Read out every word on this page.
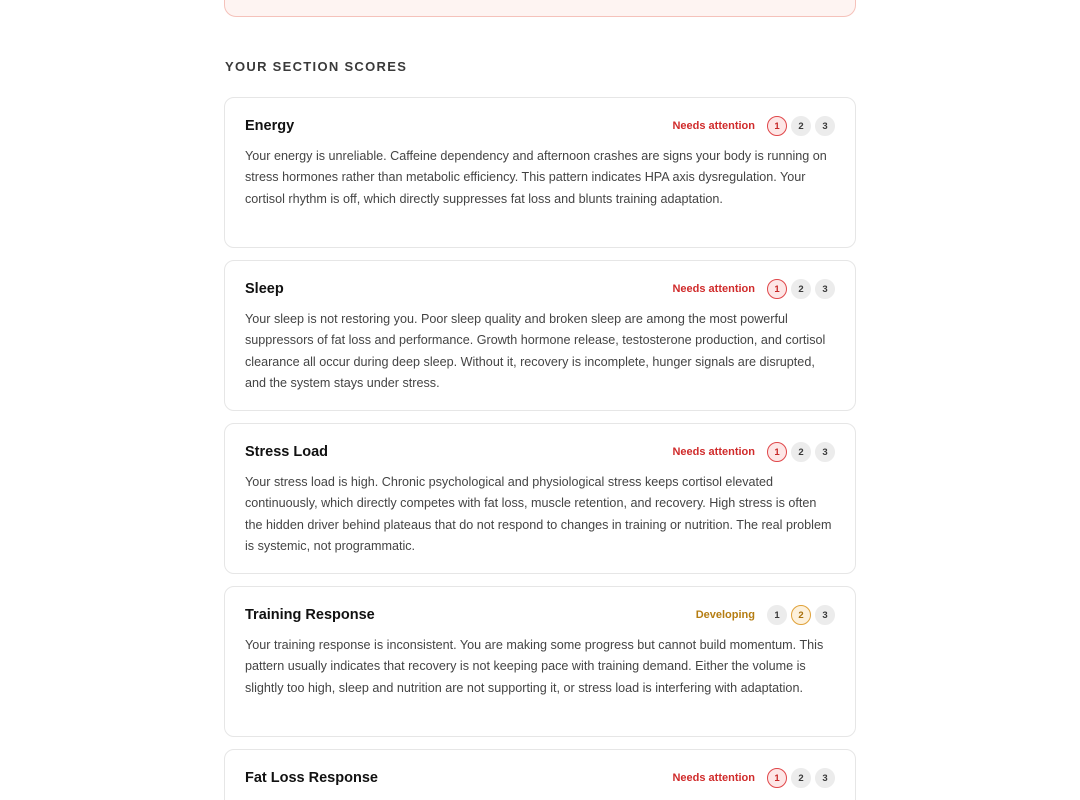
YOUR SECTION SCORES
Energy	Needs attention	1	2	3

Your energy is unreliable. Caffeine dependency and afternoon crashes are signs your body is running on stress hormones rather than metabolic efficiency. This pattern indicates HPA axis dysregulation. Your cortisol rhythm is off, which directly suppresses fat loss and blunts training adaptation.

Sleep	Needs attention	1	2	3

Your sleep is not restoring you. Poor sleep quality and broken sleep are among the most powerful suppressors of fat loss and performance. Growth hormone release, testosterone production, and cortisol clearance all occur during deep sleep. Without it, recovery is incomplete, hunger signals are disrupted, and the system stays under stress.

Stress Load	Needs attention	1	2	3

Your stress load is high. Chronic psychological and physiological stress keeps cortisol elevated continuously, which directly competes with fat loss, muscle retention, and recovery. High stress is often the hidden driver behind plateaus that do not respond to changes in training or nutrition. The real problem is systemic, not programmatic.

Training Response	Developing	1	2	3

Your training response is inconsistent. You are making some progress but cannot build momentum. This pattern usually indicates that recovery is not keeping pace with training demand. Either the volume is slightly too high, sleep and nutrition are not supporting it, or stress load is interfering with adaptation.

Fat Loss Response	Needs attention	1	2	3
